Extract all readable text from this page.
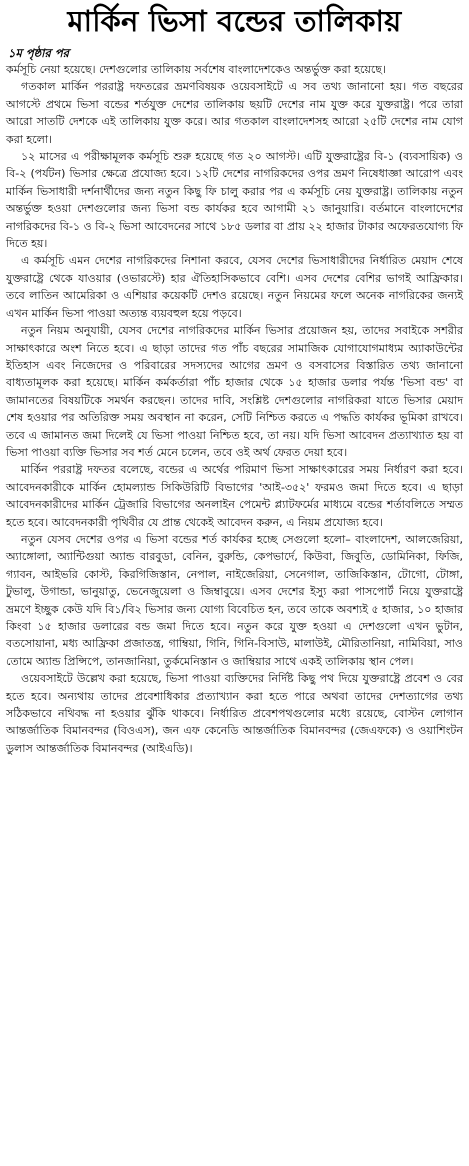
মার্কিন ভিসা বন্ডের তালিকায়
১ম পৃষ্ঠার পর

কর্মসূচি নেয়া হয়েছে। দেশগুলোর তালিকায় সর্বশেষ বাংলাদেশকেও অন্তর্ভুক্ত করা হয়েছে।

গতকাল মার্কিন পররাষ্ট্র দফতরের ভ্রমণবিষয়ক ওয়েবসাইটে এ সব তথ্য জানানো হয়। গত বছরের আগস্টে প্রথমে ভিসা বন্ডের শর্তযুক্ত দেশের তালিকায় ছয়টি দেশের নাম যুক্ত করে যুক্তরাষ্ট্র। পরে তারা আরো সাতটি দেশকে এই তালিকায় যুক্ত করে। আর গতকাল বাংলাদেশসহ আরো ২৫টি দেশের নাম যোগ করা হলো।

১২ মাসের এ পরীক্ষামূলক কর্মসূচি শুরু হয়েছে গত ২০ আগস্ট। এটি যুক্তরাষ্ট্রের বি-১ (ব্যবসায়িক) ও বি-২ (পর্যটন) ভিসার ক্ষেত্রে প্রযোজ্য হবে। ১২টি দেশের নাগরিকদের ওপর ভ্রমণ নিষেধাজ্ঞা আরোপ এবং মার্কিন ভিসাধারী দর্শনার্থীদের জন্য নতুন কিছু ফি চালু করার পর এ কর্মসূচি নেয় যুক্তরাষ্ট্র। তালিকায় নতুন অন্তর্ভুক্ত হওয়া দেশগুলোর জন্য ভিসা বন্ড কার্যকর হবে আগামী ২১ জানুয়ারি। বর্তমানে বাংলাদেশের নাগরিকদের বি-১ ও বি-২ ভিসা আবেদনের সাথে ১৮৫ ডলার বা প্রায় ২২ হাজার টাকার অফেরতযোগ্য ফি দিতে হয়।

এ কর্মসূচি এমন দেশের নাগরিকদের নিশানা করবে, যেসব দেশের ভিসাধারীদের নির্ধারিত মেয়াদ শেষে যুক্তরাষ্ট্রে থেকে যাওয়ার (ওভারস্টে) হার ঐতিহাসিকভাবে বেশি। এসব দেশের বেশির ভাগই আফ্রিকার। তবে লাতিন আমেরিকা ও এশিয়ার কয়েকটি দেশও রয়েছে। নতুন নিয়মের ফলে অনেক নাগরিকের জন্যই এখন মার্কিন ভিসা পাওয়া অত্যন্ত ব্যয়বহুল হয়ে পড়বে।

নতুন নিয়ম অনুযায়ী, যেসব দেশের নাগরিকদের মার্কিন ভিসার প্রয়োজন হয়, তাদের সবাইকে সশরীর সাক্ষাৎকারে অংশ নিতে হবে। এ ছাড়া তাদের গত পাঁচ বছরের সামাজিক যোগাযোগমাধ্যম অ্যাকাউন্টের ইতিহাস এবং নিজেদের ও পরিবারের সদস্যদের আগের ভ্রমণ ও বসবাসের বিস্তারিত তথ্য জানানো বাধ্যতামূলক করা হয়েছে। মার্কিন কর্মকর্তারা পাঁচ হাজার থেকে ১৫ হাজার ডলার পর্যন্ত 'ভিসা বন্ড' বা জামানতের বিষয়টিকে সমর্থন করছেন। তাদের দাবি, সংশ্লিষ্ট দেশগুলোর নাগরিকরা যাতে ভিসার মেয়াদ শেষ হওয়ার পর অতিরিক্ত সময় অবস্থান না করেন, সেটি নিশ্চিত করতে এ পদ্ধতি কার্যকর ভূমিকা রাখবে। তবে এ জামানত জমা দিলেই যে ভিসা পাওয়া নিশ্চিত হবে, তা নয়। যদি ভিসা আবেদন প্রত্যাখ্যাত হয় বা ভিসা পাওয়া ব্যক্তি ভিসার সব শর্ত মেনে চলেন, তবে ওই অর্থ ফেরত দেয়া হবে।

মার্কিন পররাষ্ট্র দফতর বলেছে, বন্ডের এ অর্থের পরিমাণ ভিসা সাক্ষাৎকারের সময় নির্ধারণ করা হবে। আবেদনকারীকে মার্কিন হোমল্যান্ড সিকিউরিটি বিভাগের 'আই-৩৫২' ফরমও জমা দিতে হবে। এ ছাড়া আবেদনকারীদের মার্কিন ট্রেজারি বিভাগের অনলাইন পেমেন্ট প্ল্যাটফর্মের মাধ্যমে বন্ডের শর্তাবলিতে সম্মত হতে হবে। আবেদনকারী পৃথিবীর যে প্রান্ত থেকেই আবেদন করুন, এ নিয়ম প্রযোজ্য হবে।

নতুন যেসব দেশের ওপর এ ভিসা বন্ডের শর্ত কার্যকর হচ্ছে সেগুলো হলো– বাংলাদেশ, আলজেরিয়া, অ্যাঙ্গোলা, অ্যান্টিগুয়া অ্যান্ড বারবুডা, বেনিন, বুরুন্ডি, কেপভার্দে, কিউবা, জিবুতি, ডোমিনিকা, ফিজি, গ্যাবন, আইভরি কোস্ট, কিরগিজিস্তান, নেপাল, নাইজেরিয়া, সেনেগাল, তাজিকিস্তান, টোগো, টোঙ্গা, টুভালু, উগান্ডা, ভানুয়াতু, ভেনেজুয়েলা ও জিম্বাবুয়ে। এসব দেশের ইস্যু করা পাসপোর্ট নিয়ে যুক্তরাষ্ট্রে ভ্রমণে ইচ্ছুক কেউ যদি বি১/বি২ ভিসার জন্য যোগ্য বিবেচিত হন, তবে তাকে অবশ্যই ৫ হাজার, ১০ হাজার কিংবা ১৫ হাজার ডলারের বন্ড জমা দিতে হবে। নতুন করে যুক্ত হওয়া এ দেশগুলো এখন ভুটান, বতসোয়ানা, মধ্য আফ্রিকা প্রজাতন্ত্র, গাম্বিয়া, গিনি, গিনি-বিসাউ, মালাউই, মৌরিতানিয়া, নামিবিয়া, সাও তোমে অ্যান্ড প্রিন্সিপে, তানজানিয়া, তুর্কমেনিস্তান ও জাম্বিয়ার সাথে একই তালিকায় স্থান পেল।

ওয়েবসাইটে উল্লেখ করা হয়েছে, ভিসা পাওয়া ব্যক্তিদের নির্দিষ্ট কিছু পথ দিয়ে যুক্তরাষ্ট্রে প্রবেশ ও বের হতে হবে। অন্যথায় তাদের প্রবেশাধিকার প্রত্যাখ্যান করা হতে পারে অথবা তাদের দেশত্যাগের তথ্য সঠিকভাবে নথিবদ্ধ না হওয়ার ঝুঁকি থাকবে। নির্ধারিত প্রবেশপথগুলোর মধ্যে রয়েছে, বোস্টন লোগান আন্তর্জাতিক বিমানবন্দর (বিওএস), জন এফ কেনেডি আন্তর্জাতিক বিমানবন্দর (জেএফকে) ও ওয়াশিংটন ডুলাস আন্তর্জাতিক বিমানবন্দর (আইএডি)।
